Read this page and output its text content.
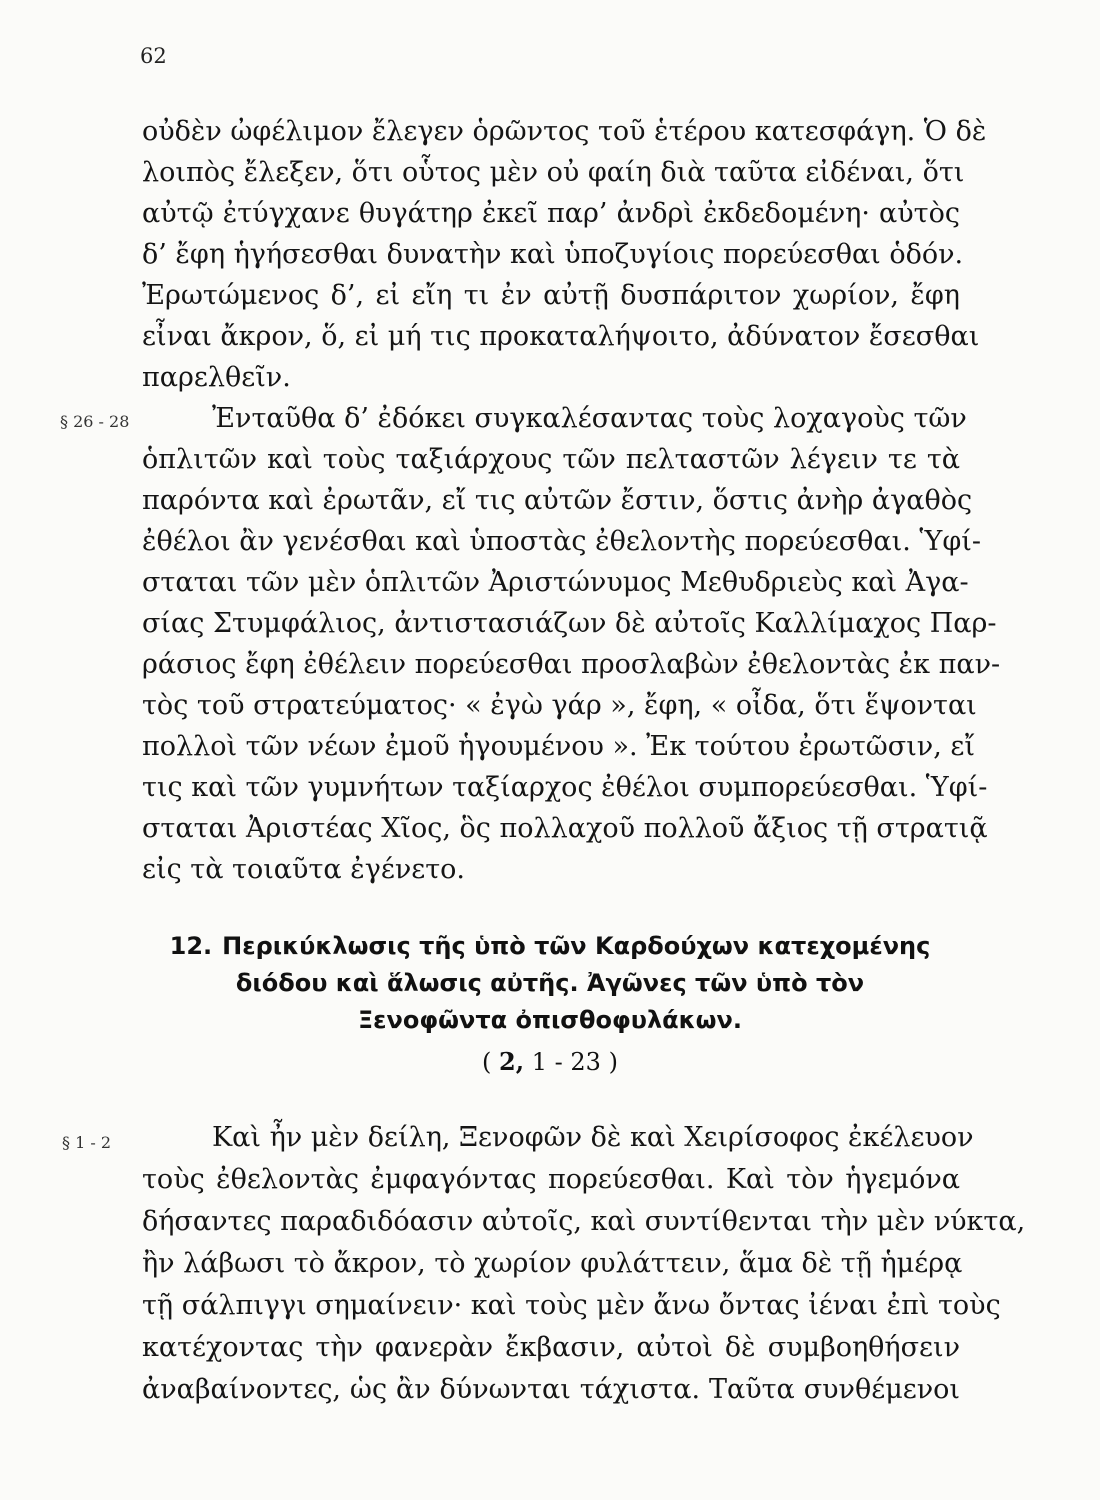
62
οὐδὲν ὠφέλιμον ἔλεγεν ὁρῶντος τοῦ ἑτέρου κατεσφάγη. Ὁ δὲ
λοιπὸς ἔλεξεν, ὅτι οὗτος μὲν οὐ φαίη διὰ ταῦτα εἰδέναι, ὅτι
αὐτῷ ἐτύγχανε θυγάτηρ ἐκεῖ παρ’ ἀνδρὶ ἐκδεδομένη· αὐτὸς
δ’ ἔφη ἡγήσεσθαι δυνατὴν καὶ ὑποζυγίοις πορεύεσθαι ὁδόν.
Ἐρωτώμενος δ’, εἰ εἴη τι ἐν αὐτῇ δυσπάριτον χωρίον, ἔφη
εἶναι ἄκρον, ὅ, εἰ μή τις προκαταλήψοιτο, ἀδύνατον ἔσεσθαι
παρελθεῖν.
§ 26 - 28	Ἐνταῦθα δ’ ἐδόκει συγκαλέσαντας τοὺς λοχαγοὺς τῶν
ὁπλιτῶν καὶ τοὺς ταξιάρχους τῶν πελταστῶν λέγειν τε τὰ
παρόντα καὶ ἐρωτᾶν, εἴ τις αὐτῶν ἔστιν, ὅστις ἀνὴρ ἀγαθὸς
ἐθέλοι ἂν γενέσθαι καὶ ὑποστὰς ἐθελοντὴς πορεύεσθαι. Ὑφί-
σταται τῶν μὲν ὁπλιτῶν Ἀριστώνυμος Μεθυδριεὺς καὶ Ἀγα-
σίας Στυμφάλιος, ἀντιστασιάζων δὲ αὐτοῖς Καλλίμαχος Παρ-
ράσιος ἔφη ἐθέλειν πορεύεσθαι προσλαβὼν ἐθελοντὰς ἐκ παν-
τὸς τοῦ στρατεύματος· « ἐγὼ γάρ », ἔφη, « οἶδα, ὅτι ἕψονται
πολλοὶ τῶν νέων ἐμοῦ ἡγουμένου ». Ἐκ τούτου ἐρωτῶσιν, εἴ
τις καὶ τῶν γυμνήτων ταξίαρχος ἐθέλοι συμπορεύεσθαι. Ὑφί-
σταται Ἀριστέας Χῖος, ὃς πολλαχοῦ πολλοῦ ἄξιος τῇ στρατιᾷ
εἰς τὰ τοιαῦτα ἐγένετο.
12. Περικύκλωσις τῆς ὑπὸ τῶν Καρδούχων κατεχομένης
διόδου καὶ ἅλωσις αὐτῆς. Ἀγῶνες τῶν ὑπὸ τὸν
Ξενοφῶντα ὀπισθοφυλάκων.
( 2, 1 - 23 )
§ 1 - 2	Καὶ ἦν μὲν δείλη, Ξενοφῶν δὲ καὶ Χειρίσοφος ἐκέλευον
τοὺς ἐθελοντὰς ἐμφαγόντας πορεύεσθαι. Καὶ τὸν ἡγεμόνα
δήσαντες παραδιδόασιν αὐτοῖς, καὶ συντίθενται τὴν μὲν νύκτα,
ἢν λάβωσι τὸ ἄκρον, τὸ χωρίον φυλάττειν, ἅμα δὲ τῇ ἡμέρᾳ
τῇ σάλπιγγι σημαίνειν· καὶ τοὺς μὲν ἄνω ὄντας ἰέναι ἐπὶ τοὺς
κατέχοντας τὴν φανερὰν ἔκβασιν, αὐτοὶ δὲ συμβοηθήσειν
ἀναβαίνοντες, ὡς ἂν δύνωνται τάχιστα. Ταῦτα συνθέμενοι
